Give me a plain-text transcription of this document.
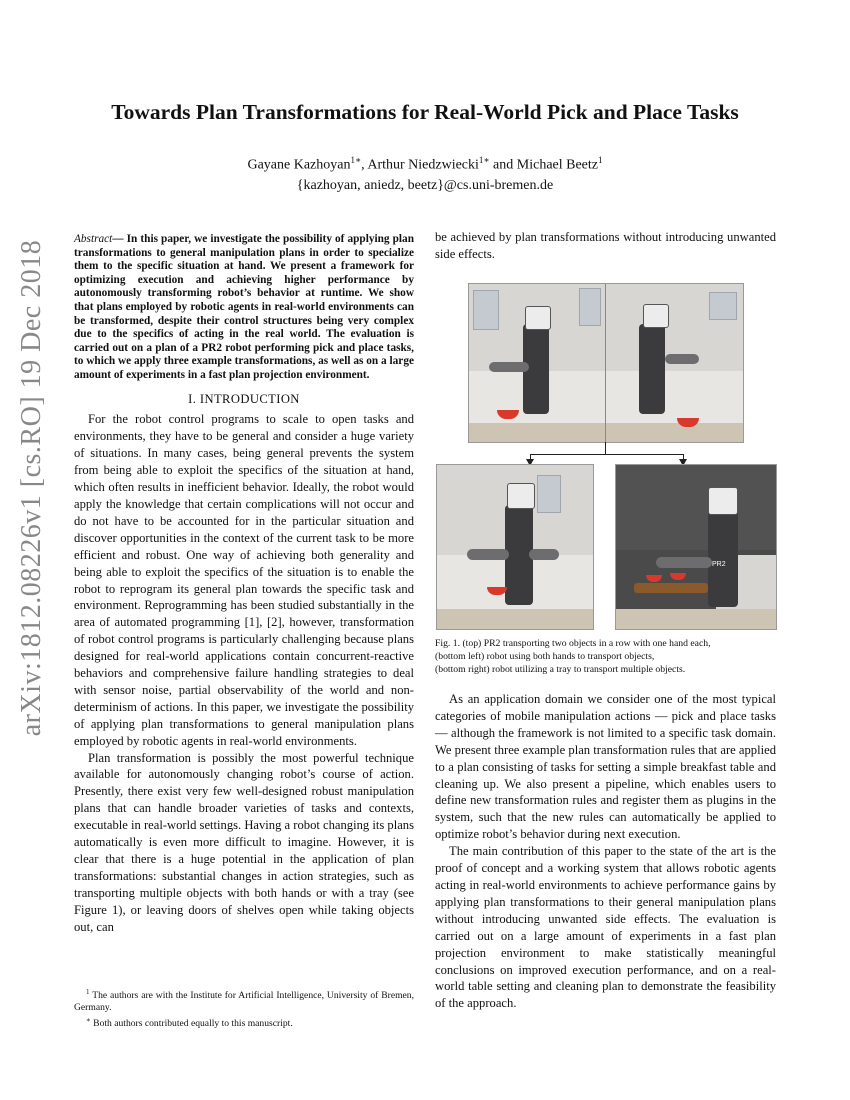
arXiv:1812.08226v1 [cs.RO] 19 Dec 2018
Towards Plan Transformations for Real-World Pick and Place Tasks
Gayane Kazhoyan$^{1∗}$, Arthur Niedzwiecki$^{1∗}$ and Michael Beetz$^1$
{kazhoyan, aniedz, beetz}@cs.uni-bremen.de

Abstract— In this paper, we investigate the possibility of applying plan transformations to general manipulation plans in order to specialize them to the specific situation at hand. We present a framework for optimizing execution and achieving higher performance by autonomously transforming robot’s behavior at runtime. We show that plans employed by robotic agents in real-world environments can be transformed, despite their control structures being very complex due to the specifics of acting in the real world. The evaluation is carried out on a plan of a PR2 robot performing pick and place tasks, to which we apply three example transformations, as well as on a large amount of experiments in a fast plan projection environment.

I. INTRODUCTION

For the robot control programs to scale to open tasks and environments, they have to be general and consider a huge variety of situations. In many cases, being general prevents the system from being able to exploit the specifics of the situation at hand, which often results in inefficient behavior. Ideally, the robot would apply the knowledge that certain complications will not occur and do not have to be accounted for in the particular situation and discover opportunities in the context of the current task to be more efficient and robust. One way of achieving both generality and being able to exploit the specifics of the situation is to enable the robot to reprogram its general plan towards the specific task and environment. Reprogramming has been studied substantially in the area of automated programming [1], [2], however, transformation of robot control programs is particularly challenging because plans designed for real-world applications contain concurrent-reactive behaviors and comprehensive failure handling strategies to deal with sensor noise, partial observability of the world and non-determinism of actions. In this paper, we investigate the possibility of applying plan transformations to general manipulation plans employed by robotic agents in real-world environments.

Plan transformation is possibly the most powerful technique available for autonomously changing robot’s course of action. Presently, there exist very few well-designed robust manipulation plans that can handle broader varieties of tasks and contexts, executable in real-world settings. Having a robot changing its plans automatically is even more difficult to imagine. However, it is clear that there is a huge potential in the application of plan transformations: substantial changes in action strategies, such as transporting multiple objects with both hands or with a tray (see Figure 1), or leaving doors of shelves open while taking objects out, can

$^1$ The authors are with the Institute for Artificial Intelligence, University of Bremen, Germany.

∗ Both authors contributed equally to this manuscript.

be achieved by plan transformations without introducing unwanted side effects.

PR2

Fig. 1. (top) PR2 transporting two objects in a row with one hand each,

(bottom left) robot using both hands to transport objects,

(bottom right) robot utilizing a tray to transport multiple objects.

As an application domain we consider one of the most typical categories of mobile manipulation actions — pick and place tasks — although the framework is not limited to a specific task domain. We present three example plan transformation rules that are applied to a plan consisting of tasks for setting a simple breakfast table and cleaning up. We also present a pipeline, which enables users to define new transformation rules and register them as plugins in the system, such that the new rules can automatically be applied to optimize robot’s behavior during next execution.

The main contribution of this paper to the state of the art is the proof of concept and a working system that allows robotic agents acting in real-world environments to achieve performance gains by applying plan transformations to their general manipulation plans without introducing unwanted side effects. The evaluation is carried out on a large amount of experiments in a fast plan projection environment to make statistically meaningful conclusions on improved execution performance, and on a real-world table setting and cleaning plan to demonstrate the feasibility of the approach.
